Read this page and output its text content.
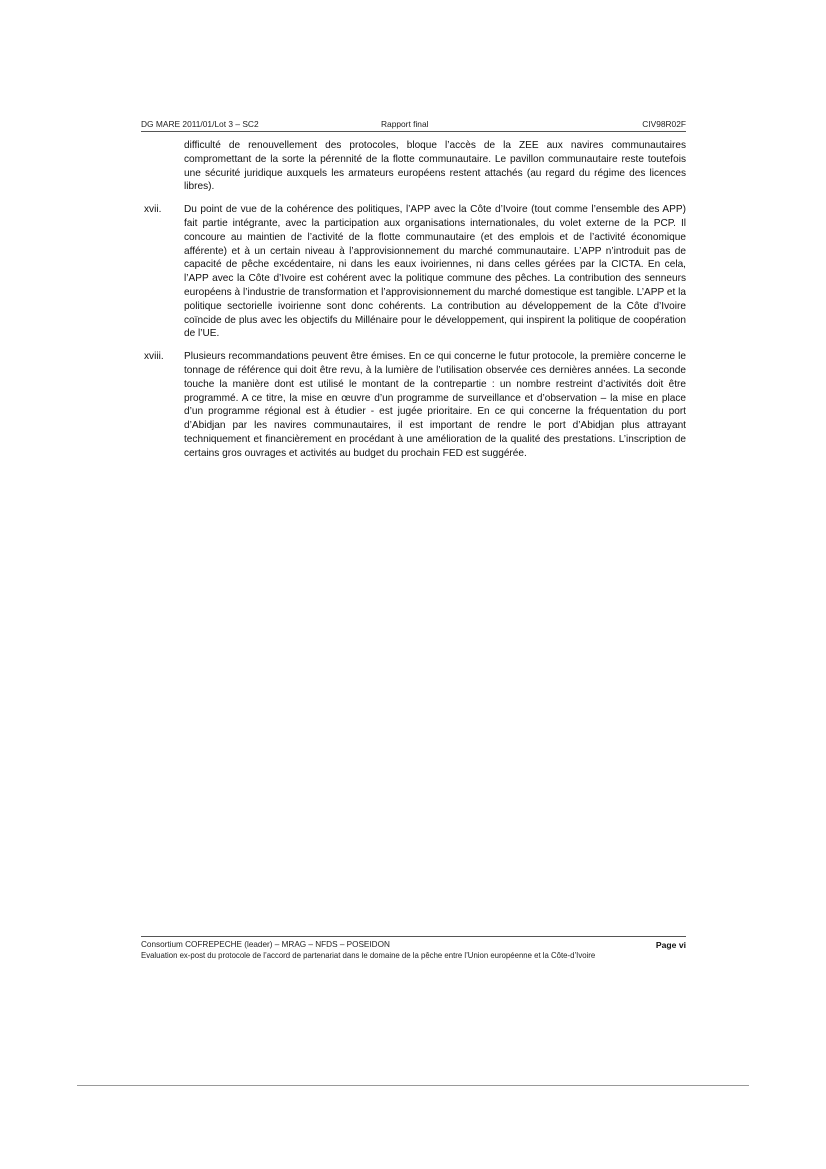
DG MARE 2011/01/Lot 3 – SC2	Rapport final	CIV98R02F

difficulté de renouvellement des protocoles, bloque l’accès de la ZEE aux navires communautaires compromettant de la sorte la pérennité de la flotte communautaire. Le pavillon communautaire reste toutefois une sécurité juridique auxquels les armateurs européens restent attachés (au regard du régime des licences libres).

xvii. Du point de vue de la cohérence des politiques, l’APP avec la Côte d’Ivoire (tout comme l’ensemble des APP) fait partie intégrante, avec la participation aux organisations internationales, du volet externe de la PCP. Il concoure au maintien de l’activité de la flotte communautaire (et des emplois et de l’activité économique afférente) et à un certain niveau à l’approvisionnement du marché communautaire. L’APP n’introduit pas de capacité de pêche excédentaire, ni dans les eaux ivoiriennes, ni dans celles gérées par la CICTA. En cela, l’APP avec la Côte d’Ivoire est cohérent avec la politique commune des pêches. La contribution des senneurs européens à l’industrie de transformation et l’approvisionnement du marché domestique est tangible. L’APP et la politique sectorielle ivoirienne sont donc cohérents. La contribution au développement de la Côte d’Ivoire coïncide de plus avec les objectifs du Millénaire pour le développement, qui inspirent la politique de coopération de l’UE.

xviii. Plusieurs recommandations peuvent être émises. En ce qui concerne le futur protocole, la première concerne le tonnage de référence qui doit être revu, à la lumière de l’utilisation observée ces dernières années. La seconde touche la manière dont est utilisé le montant de la contrepartie : un nombre restreint d’activités doit être programmé. A ce titre, la mise en œuvre d’un programme de surveillance et d’observation – la mise en place d’un programme régional est à étudier - est jugée prioritaire. En ce qui concerne la fréquentation du port d’Abidjan par les navires communautaires, il est important de rendre le port d’Abidjan plus attrayant techniquement et financièrement en procédant à une amélioration de la qualité des prestations. L’inscription de certains gros ouvrages et activités au budget du prochain FED est suggérée.

Consortium COFREPECHE (leader) – MRAG – NFDS – POSEIDON	Page vi
Evaluation ex-post du protocole de l’accord de partenariat dans le domaine de la pêche entre l’Union européenne et la Côte-d’Ivoire
